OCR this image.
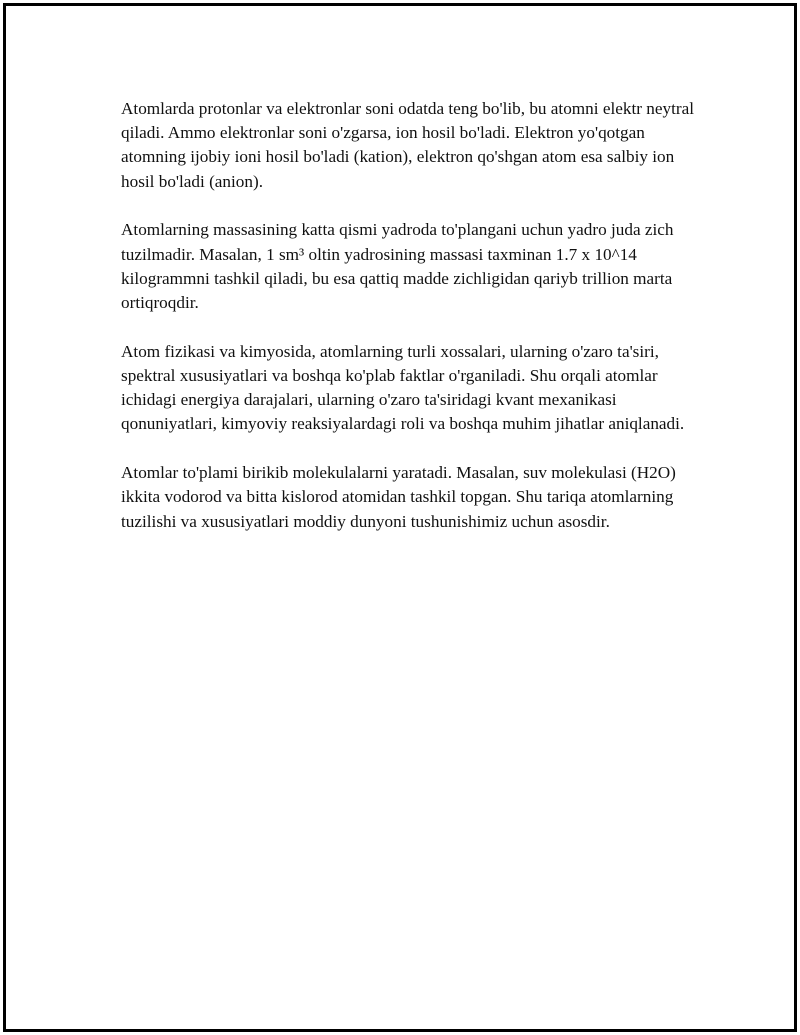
Atomlarda protonlar va elektronlar soni odatda teng bo'lib, bu atomni elektr neytral qiladi. Ammo elektronlar soni o'zgarsa, ion hosil bo'ladi. Elektron yo'qotgan atomning ijobiy ioni hosil bo'ladi (kation), elektron qo'shgan atom esa salbiy ion hosil bo'ladi (anion).

Atomlarning massasining katta qismi yadroda to'plangani uchun yadro juda zich tuzilmadir. Masalan, 1 sm³ oltin yadrosining massasi taxminan 1.7 x 10^14 kilogrammni tashkil qiladi, bu esa qattiq madde zichligidan qariyb trillion marta ortiqroqdir.

Atom fizikasi va kimyosida, atomlarning turli xossalari, ularning o'zaro ta'siri, spektral xususiyatlari va boshqa ko'plab faktlar o'rganiladi. Shu orqali atomlar ichidagi energiya darajalari, ularning o'zaro ta'siridagi kvant mexanikasi qonuniyatlari, kimyoviy reaksiyalardagi roli va boshqa muhim jihatlar aniqlanadi.

Atomlar to'plami birikib molekulalarni yaratadi. Masalan, suv molekulasi (H2O) ikkita vodorod va bitta kislorod atomidan tashkil topgan. Shu tariqa atomlarning tuzilishi va xususiyatlari moddiy dunyoni tushunishimiz uchun asosdir.
